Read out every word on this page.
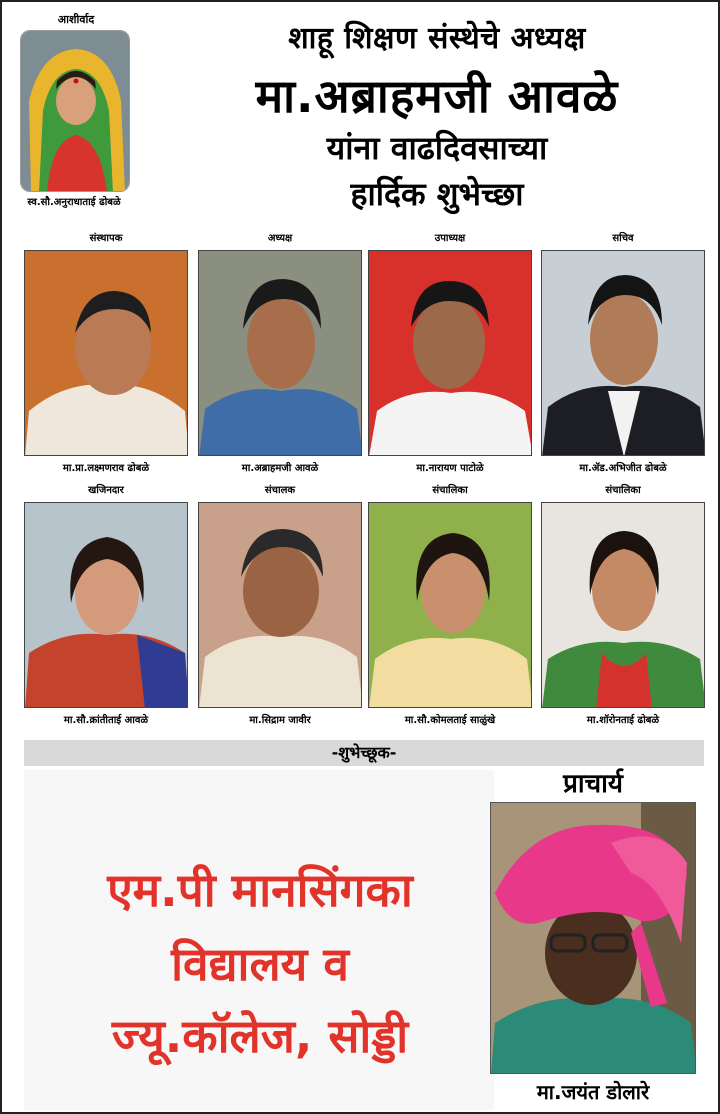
आशीर्वाद
स्व.सौ.अनुराधाताई ढोबळे
शाहू शिक्षण संस्थेचे अध्यक्ष
मा.अब्राहमजी आवळे
यांना वाढदिवसाच्या
हार्दिक शुभेच्छा
संस्थापक
मा.प्रा.लक्ष्मणराव ढोबळे
अध्यक्ष
मा.अब्राहमजी आवळे
उपाध्यक्ष
मा.नारायण पाटोळे
सचिव
मा.ॲड.अभिजीत ढोबळे
खजिनदार
मा.सौ.क्रांतीताई आवळे
संचालक
मा.सिद्राम जावीर
संचालिका
मा.सौ.कोमलताई साळुंखे
संचालिका
मा.शॉरोनताई ढोबळे
-शुभेच्छूक-
एम.पी मानसिंगका
विद्यालय व
ज्यू.कॉलेज, सोड्डी
प्राचार्य
मा.जयंत डोलारे
